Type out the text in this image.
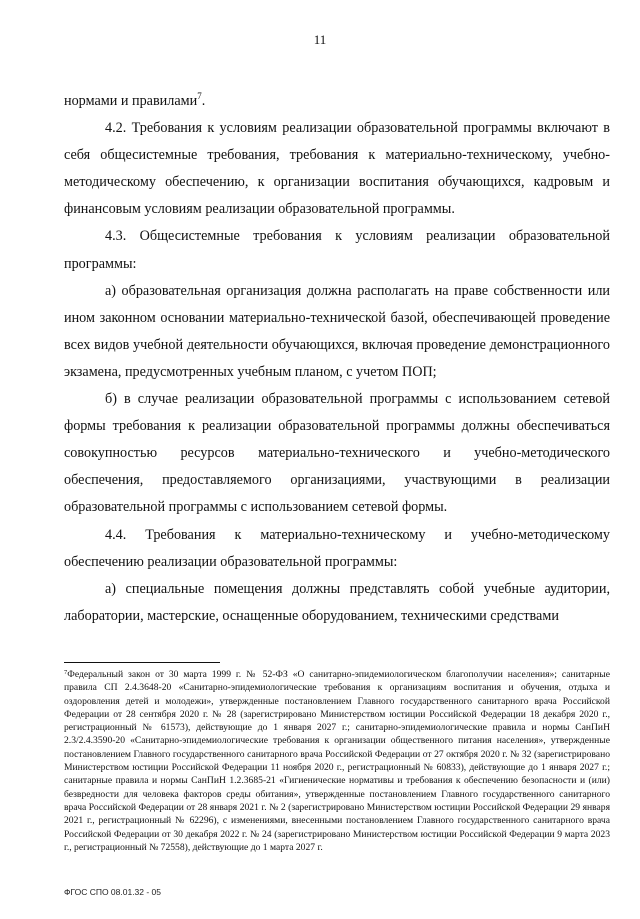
11

нормами и правилами$^7$.

4.2. Требования к условиям реализации образовательной программы включают в себя общесистемные требования, требования к материально-техническому, учебно-методическому обеспечению, к организации воспитания обучающихся, кадровым и финансовым условиям реализации образовательной программы.

4.3. Общесистемные требования к условиям реализации образовательной программы:

а) образовательная организация должна располагать на праве собственности или ином законном основании материально-технической базой, обеспечивающей проведение всех видов учебной деятельности обучающихся, включая проведение демонстрационного экзамена, предусмотренных учебным планом, с учетом ПОП;

б) в случае реализации образовательной программы с использованием сетевой формы требования к реализации образовательной программы должны обеспечиваться совокупностью ресурсов материально-технического и учебно-методического обеспечения, предоставляемого организациями, участвующими в реализации образовательной программы с использованием сетевой формы.

4.4. Требования к материально-техническому и учебно-методическому обеспечению реализации образовательной программы:

а) специальные помещения должны представлять собой учебные аудитории, лаборатории, мастерские, оснащенные оборудованием, техническими средствами

$^7$Федеральный закон от 30 марта 1999 г. № 52-ФЗ «О санитарно-эпидемиологическом благополучии населения»; санитарные правила СП 2.4.3648-20 «Санитарно-эпидемиологические требования к организациям воспитания и обучения, отдыха и оздоровления детей и молодежи», утвержденные постановлением Главного государственного санитарного врача Российской Федерации от 28 сентября 2020 г. № 28 (зарегистрировано Министерством юстиции Российской Федерации 18 декабря 2020 г., регистрационный № 61573), действующие до 1 января 2027 г.; санитарно-эпидемиологические правила и нормы СанПиН 2.3/2.4.3590-20 «Санитарно-эпидемиологические требования к организации общественного питания населения», утвержденные постановлением Главного государственного санитарного врача Российской Федерации от 27 октября 2020 г. № 32 (зарегистрировано Министерством юстиции Российской Федерации 11 ноября 2020 г., регистрационный № 60833), действующие до 1 января 2027 г.; санитарные правила и нормы СанПиН 1.2.3685-21 «Гигиенические нормативы и требования к обеспечению безопасности и (или) безвредности для человека факторов среды обитания», утвержденные постановлением Главного государственного санитарного врача Российской Федерации от 28 января 2021 г. № 2 (зарегистрировано Министерством юстиции Российской Федерации 29 января 2021 г., регистрационный № 62296), с изменениями, внесенными постановлением Главного государственного санитарного врача Российской Федерации от 30 декабря 2022 г. № 24 (зарегистрировано Министерством юстиции Российской Федерации 9 марта 2023 г., регистрационный № 72558), действующие до 1 марта 2027 г.
ФГОС СПО 08.01.32 - 05
